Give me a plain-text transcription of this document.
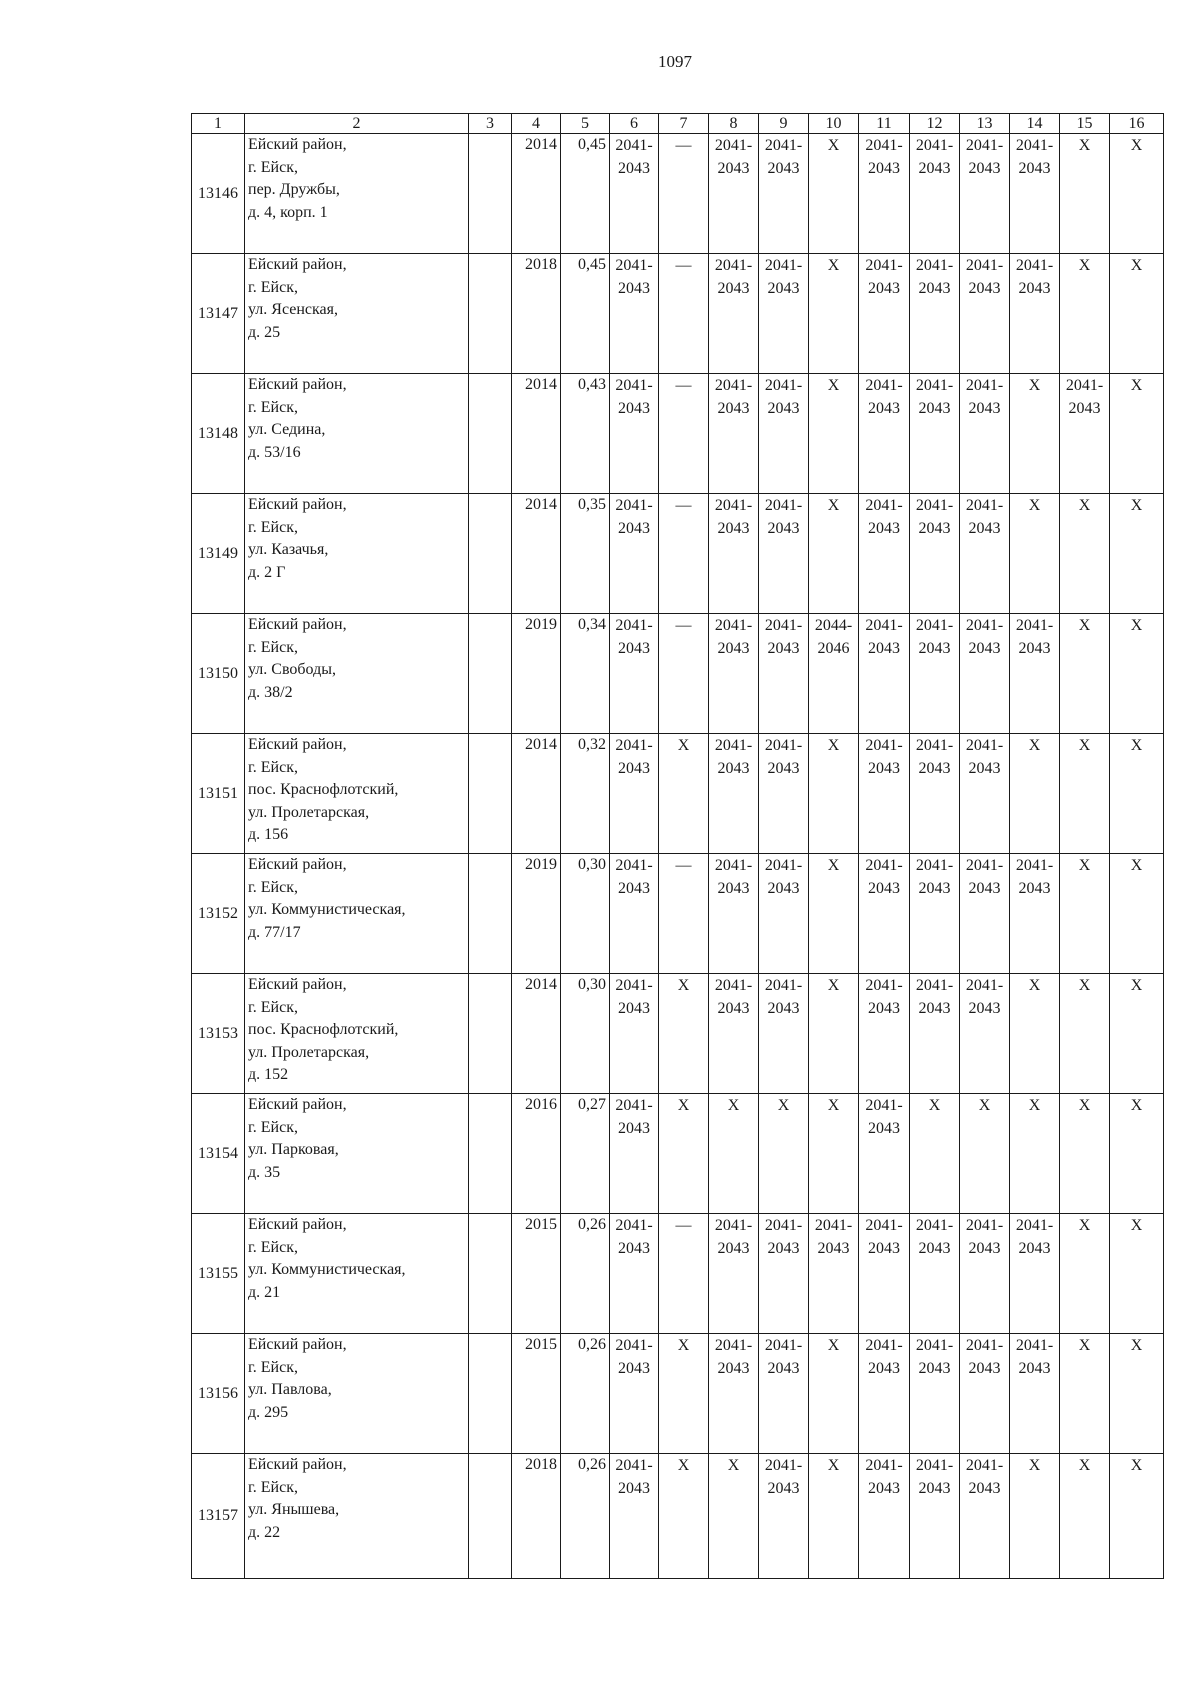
1097
1	2	3	4	5	6	7	8	9	10	11	12	13	14	15	16
13146	Ейский район,
г. Ейск,
пер. Дружбы,
д. 4, корп. 1		2014	0,45	2041-
2043	—	2041-
2043	2041-
2043	X	2041-
2043	2041-
2043	2041-
2043	2041-
2043	X	X
13147	Ейский район,
г. Ейск,
ул. Ясенская,
д. 25		2018	0,45	2041-
2043	—	2041-
2043	2041-
2043	X	2041-
2043	2041-
2043	2041-
2043	2041-
2043	X	X
13148	Ейский район,
г. Ейск,
ул. Седина,
д. 53/16		2014	0,43	2041-
2043	—	2041-
2043	2041-
2043	X	2041-
2043	2041-
2043	2041-
2043	X	2041-
2043	X
13149	Ейский район,
г. Ейск,
ул. Казачья,
д. 2 Г		2014	0,35	2041-
2043	—	2041-
2043	2041-
2043	X	2041-
2043	2041-
2043	2041-
2043	X	X	X
13150	Ейский район,
г. Ейск,
ул. Свободы,
д. 38/2		2019	0,34	2041-
2043	—	2041-
2043	2041-
2043	2044-
2046	2041-
2043	2041-
2043	2041-
2043	2041-
2043	X	X
13151	Ейский район,
г. Ейск,
пос. Краснофлотский,
ул. Пролетарская,
д. 156		2014	0,32	2041-
2043	X	2041-
2043	2041-
2043	X	2041-
2043	2041-
2043	2041-
2043	X	X	X
13152	Ейский район,
г. Ейск,
ул. Коммунистическая,
д. 77/17		2019	0,30	2041-
2043	—	2041-
2043	2041-
2043	X	2041-
2043	2041-
2043	2041-
2043	2041-
2043	X	X
13153	Ейский район,
г. Ейск,
пос. Краснофлотский,
ул. Пролетарская,
д. 152		2014	0,30	2041-
2043	X	2041-
2043	2041-
2043	X	2041-
2043	2041-
2043	2041-
2043	X	X	X
13154	Ейский район,
г. Ейск,
ул. Парковая,
д. 35		2016	0,27	2041-
2043	X	X	X	X	2041-
2043	X	X	X	X	X
13155	Ейский район,
г. Ейск,
ул. Коммунистическая,
д. 21		2015	0,26	2041-
2043	—	2041-
2043	2041-
2043	2041-
2043	2041-
2043	2041-
2043	2041-
2043	2041-
2043	X	X
13156	Ейский район,
г. Ейск,
ул. Павлова,
д. 295		2015	0,26	2041-
2043	X	2041-
2043	2041-
2043	X	2041-
2043	2041-
2043	2041-
2043	2041-
2043	X	X
13157	Ейский район,
г. Ейск,
ул. Янышева,
д. 22		2018	0,26	2041-
2043	X	X	2041-
2043	X	2041-
2043	2041-
2043	2041-
2043	X	X	X
